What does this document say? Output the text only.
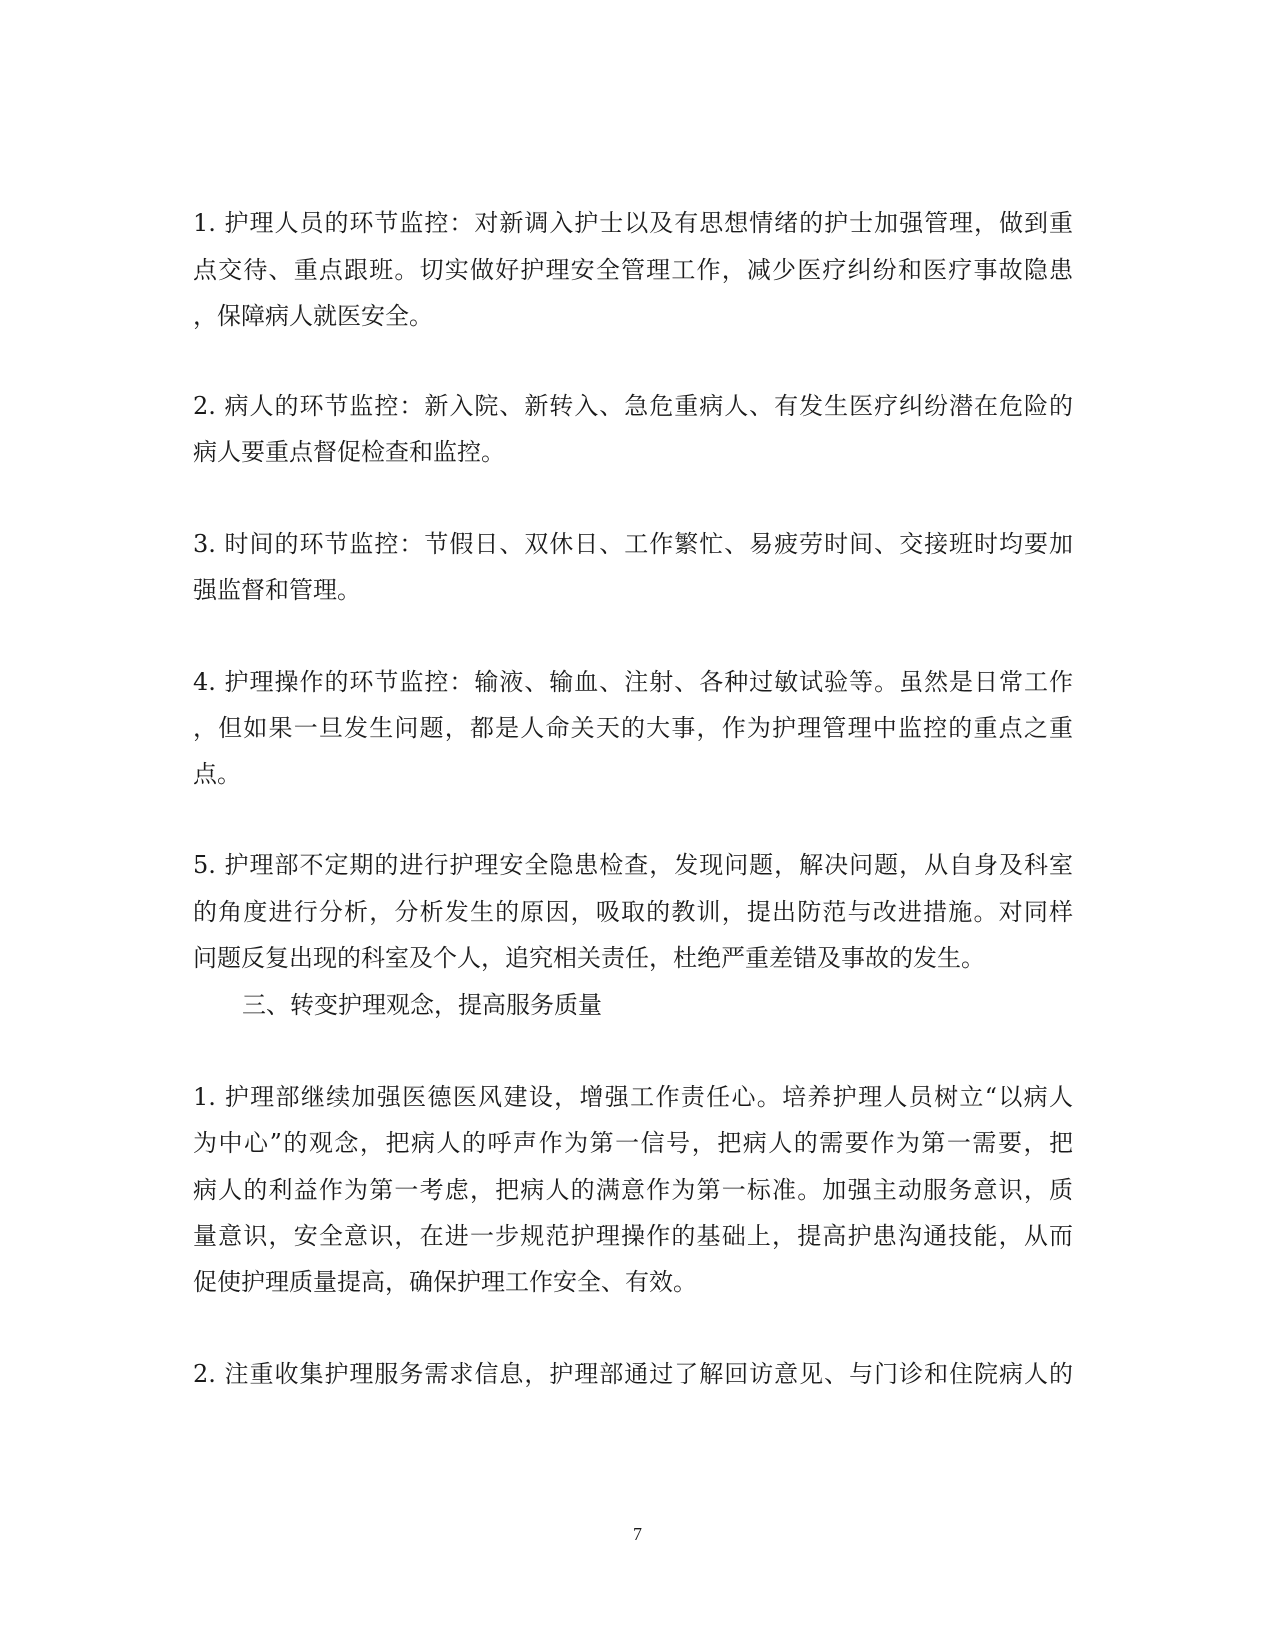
1. 护理人员的环节监控：对新调入护士以及有思想情绪的护士加强管理，做到重
点交待、重点跟班。切实做好护理安全管理工作，减少医疗纠纷和医疗事故隐患
，保障病人就医安全。
2. 病人的环节监控：新入院、新转入、急危重病人、有发生医疗纠纷潜在危险的
病人要重点督促检查和监控。
3. 时间的环节监控：节假日、双休日、工作繁忙、易疲劳时间、交接班时均要加
强监督和管理。
4. 护理操作的环节监控：输液、输血、注射、各种过敏试验等。虽然是日常工作
，但如果一旦发生问题，都是人命关天的大事，作为护理管理中监控的重点之重
点。
5. 护理部不定期的进行护理安全隐患检查，发现问题，解决问题，从自身及科室
的角度进行分析，分析发生的原因，吸取的教训，提出防范与改进措施。对同样
问题反复出现的科室及个人，追究相关责任，杜绝严重差错及事故的发生。
三、转变护理观念，提高服务质量
1. 护理部继续加强医德医风建设，增强工作责任心。培养护理人员树立“以病人
为中心”的观念，把病人的呼声作为第一信号，把病人的需要作为第一需要，把
病人的利益作为第一考虑，把病人的满意作为第一标准。加强主动服务意识，质
量意识，安全意识，在进一步规范护理操作的基础上，提高护患沟通技能，从而
促使护理质量提高，确保护理工作安全、有效。
2. 注重收集护理服务需求信息，护理部通过了解回访意见、与门诊和住院病人的
7
